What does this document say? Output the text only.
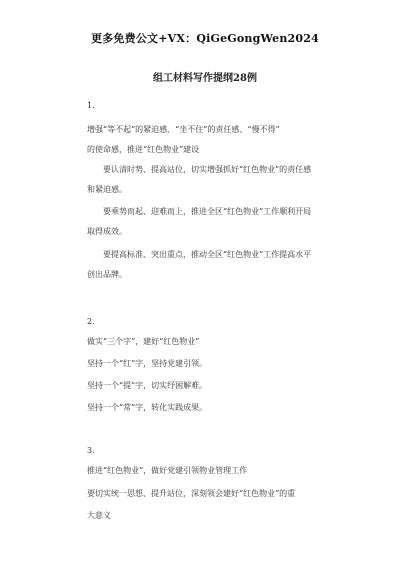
更多免费公文+VX：QiGeGongWen2024
组工材料写作提纲28例
1.
增强“等不起”的紧迫感、“坐不住”的责任感、“慢不得”
的使命感，推进“红色物业”建设
要认清时势、提高站位，切实增强抓好“红色物业”的责任感
和紧迫感。
要乘势而起、迎难而上，推进全区“红色物业”工作顺利开局
取得成效。
要提高标准、突出重点，推动全区“红色物业”工作提高水平
创出品牌。
2.
做实“三个字”，建好“红色物业”
坚持一个“红”字，坚持党建引领。
坚持一个“提”字，切实纾困解难。
坚持一个“常”字，转化实践成果。
3.
推进“红色物业”，做好党建引领物业管理工作
要切实统一思想、提升站位，深刻领会建好“红色物业”的重
大意义
